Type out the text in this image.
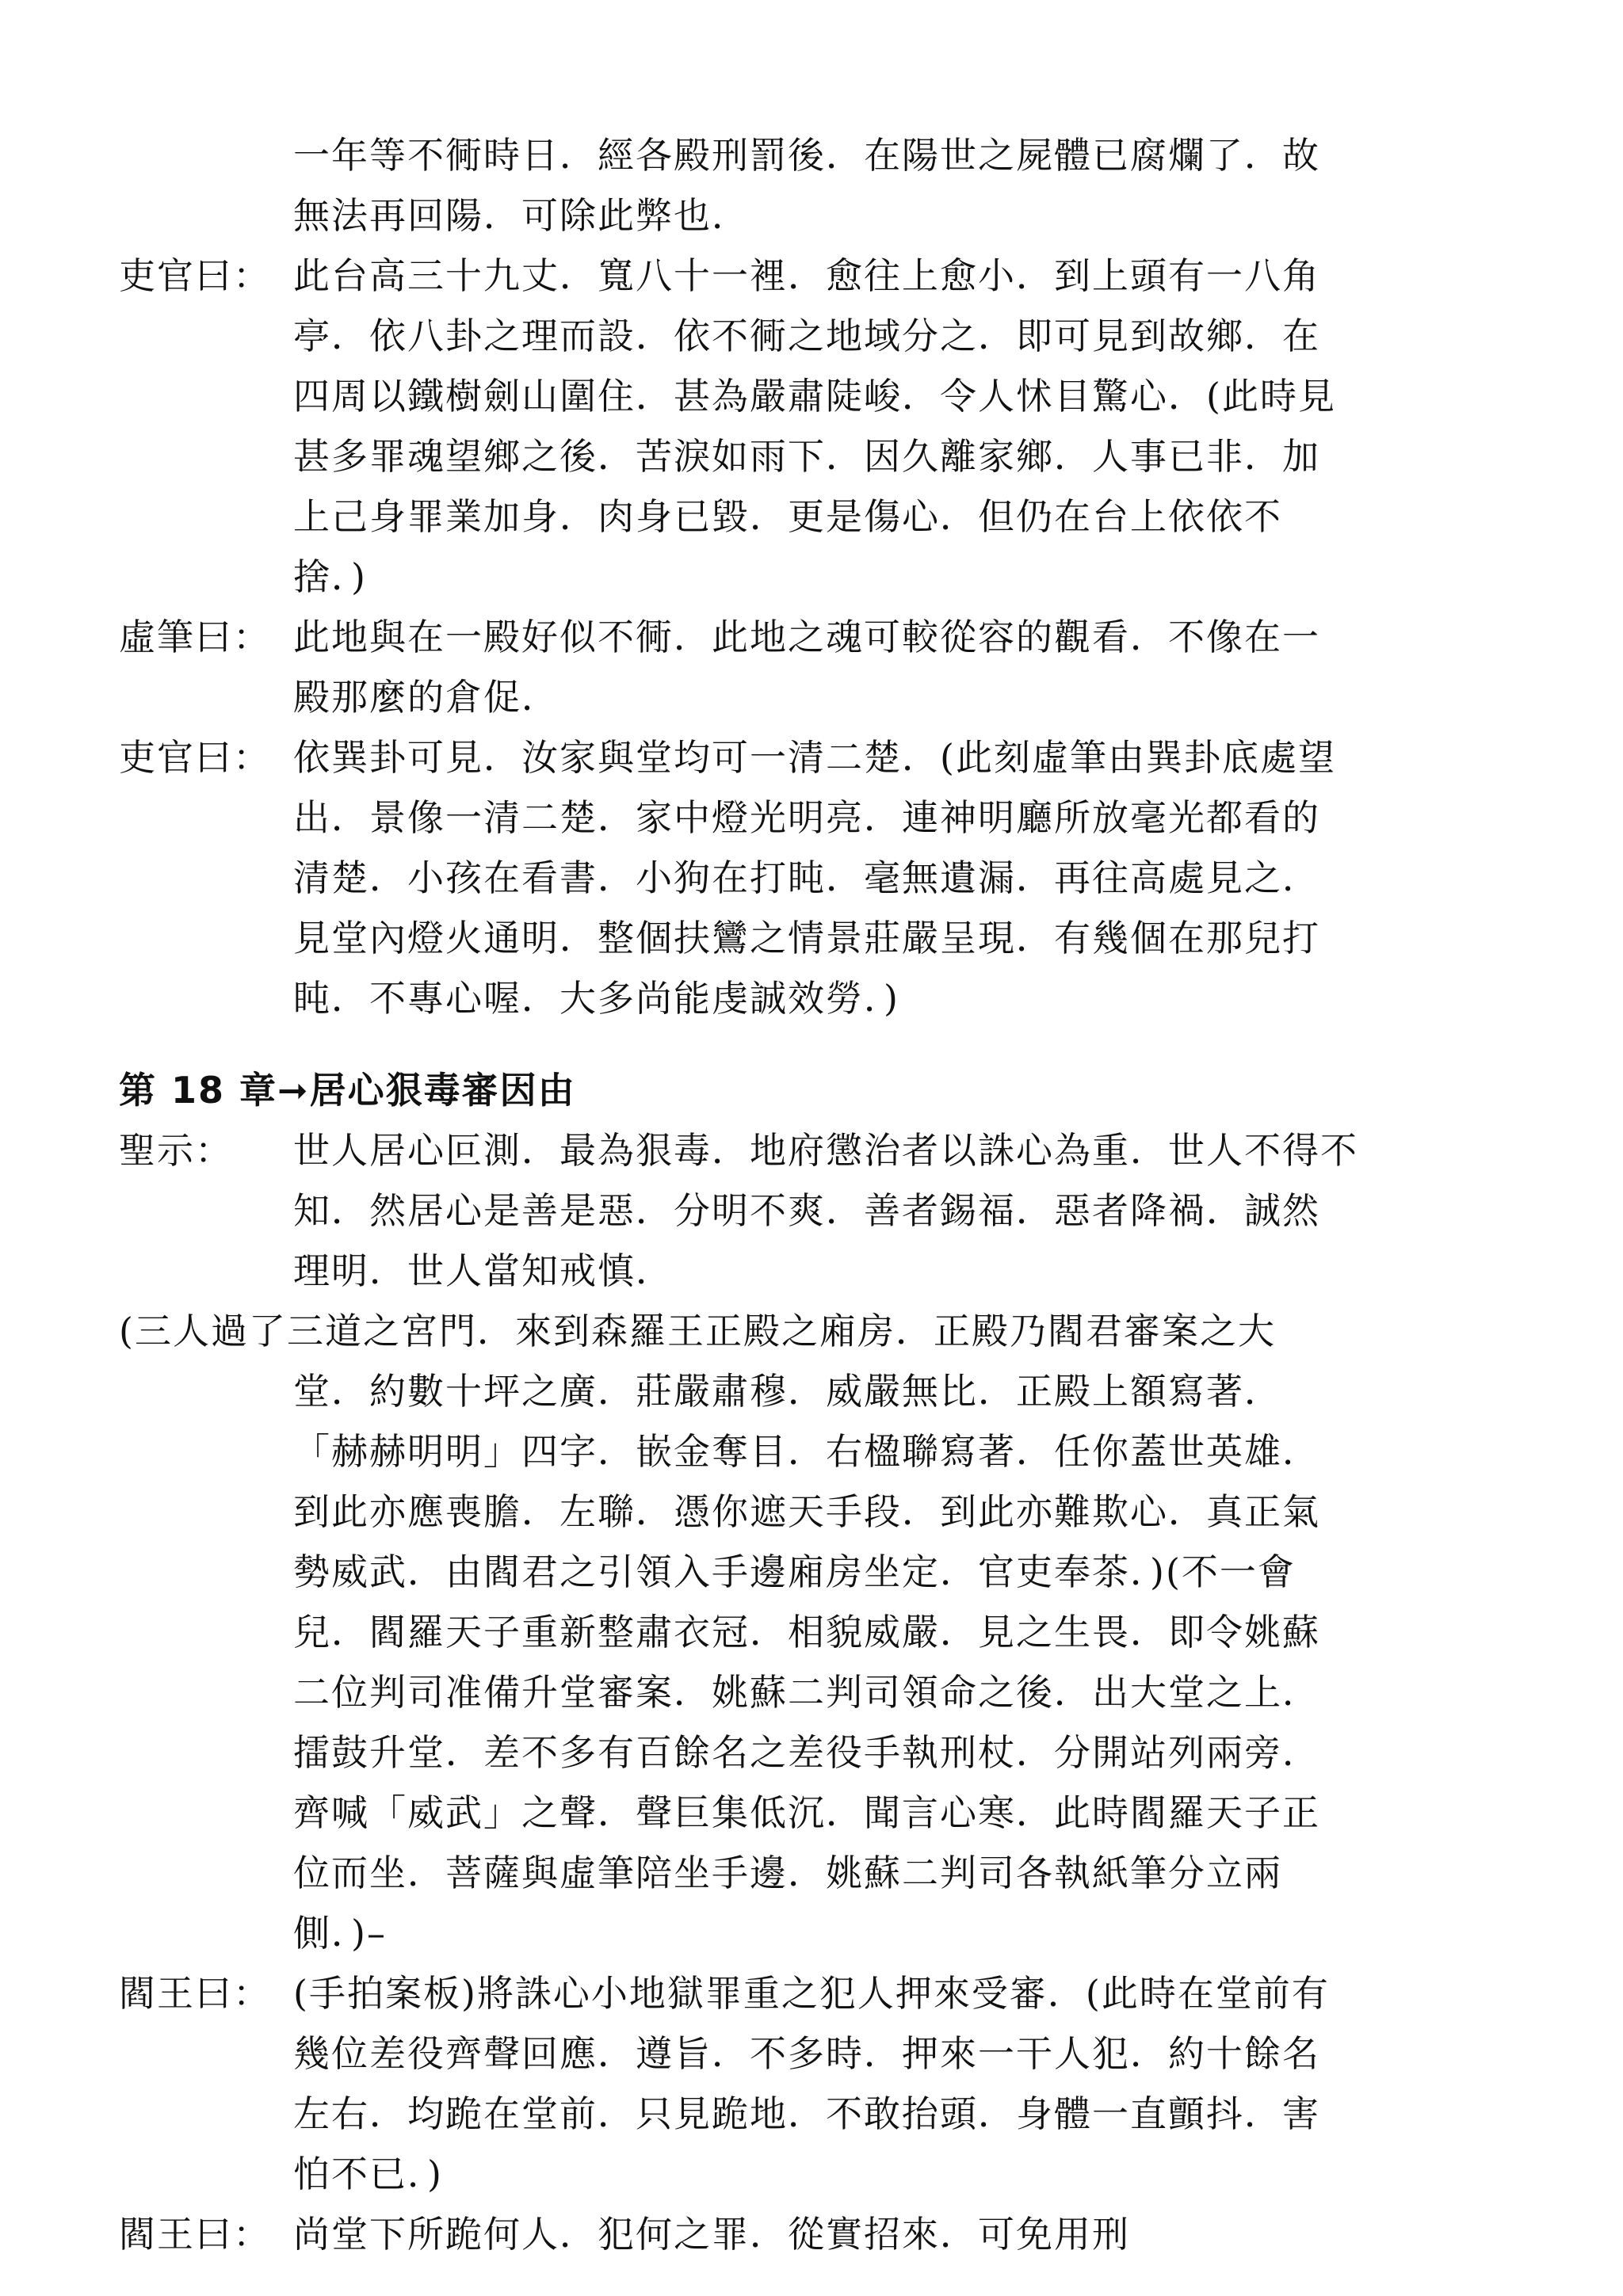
一年等不衕時日．經各殿刑罰後．在陽世之屍體已腐爛了．故
無法再回陽．可除此弊也．
吏官曰： 此台高三十九丈．寬八十一裡．愈往上愈小．到上頭有一八角
亭．依八卦之理而設．依不衕之地域分之．即可見到故鄉．在
四周以鐵樹劍山圍住．甚為嚴肅陡峻．令人怵目驚心．(此時見
甚多罪魂望鄉之後．苦淚如雨下．因久離家鄉．人事已非．加
上己身罪業加身．肉身已毀．更是傷心．但仍在台上依依不
捨．)
虛筆曰： 此地與在一殿好似不衕．此地之魂可較從容的觀看．不像在一
殿那麼的倉促．
吏官曰： 依巽卦可見．汝家與堂均可一清二楚．(此刻虛筆由巽卦底處望
出．景像一清二楚．家中燈光明亮．連神明廳所放毫光都看的
清楚．小孩在看書．小狗在打盹．毫無遺漏．再往高處見之．
見堂內燈火通明．整個扶鸞之情景莊嚴呈現．有幾個在那兒打
盹．不專心喔．大多尚能虔誠效勞．)
第 18 章➞居心狠毒審因由
聖示：	世人居心叵測．最為狠毒．地府懲治者以誅心為重．世人不得不
知．然居心是善是惡．分明不爽．善者錫福．惡者降禍．誠然
理明．世人當知戒慎．
(三人過了三道之宮門．來到森羅王正殿之廂房．正殿乃閻君審案之大
堂．約數十坪之廣．莊嚴肅穆．威嚴無比．正殿上額寫著．
「赫赫明明」四字．嵌金奪目．右楹聯寫著．任你蓋世英雄．
到此亦應喪膽．左聯．憑你遮天手段．到此亦難欺心．真正氣
勢威武．由閻君之引領入手邊廂房坐定．官吏奉茶．)(不一會
兒．閻羅天子重新整肅衣冠．相貌威嚴．見之生畏．即令姚蘇
二位判司准備升堂審案．姚蘇二判司領命之後．出大堂之上．
擂鼓升堂．差不多有百餘名之差役手執刑杖．分開站列兩旁．
齊喊「威武」之聲．聲巨集低沉．聞言心寒．此時閻羅天子正
位而坐．菩薩與虛筆陪坐手邊．姚蘇二判司各執紙筆分立兩
側．)–
閻王曰： (手拍案板)將誅心小地獄罪重之犯人押來受審．(此時在堂前有
幾位差役齊聲回應．遵旨．不多時．押來一干人犯．約十餘名
左右．均跪在堂前．只見跪地．不敢抬頭．身體一直顫抖．害
怕不已．)
閻王曰： 尚堂下所跪何人．犯何之罪．從實招來．可免用刑
